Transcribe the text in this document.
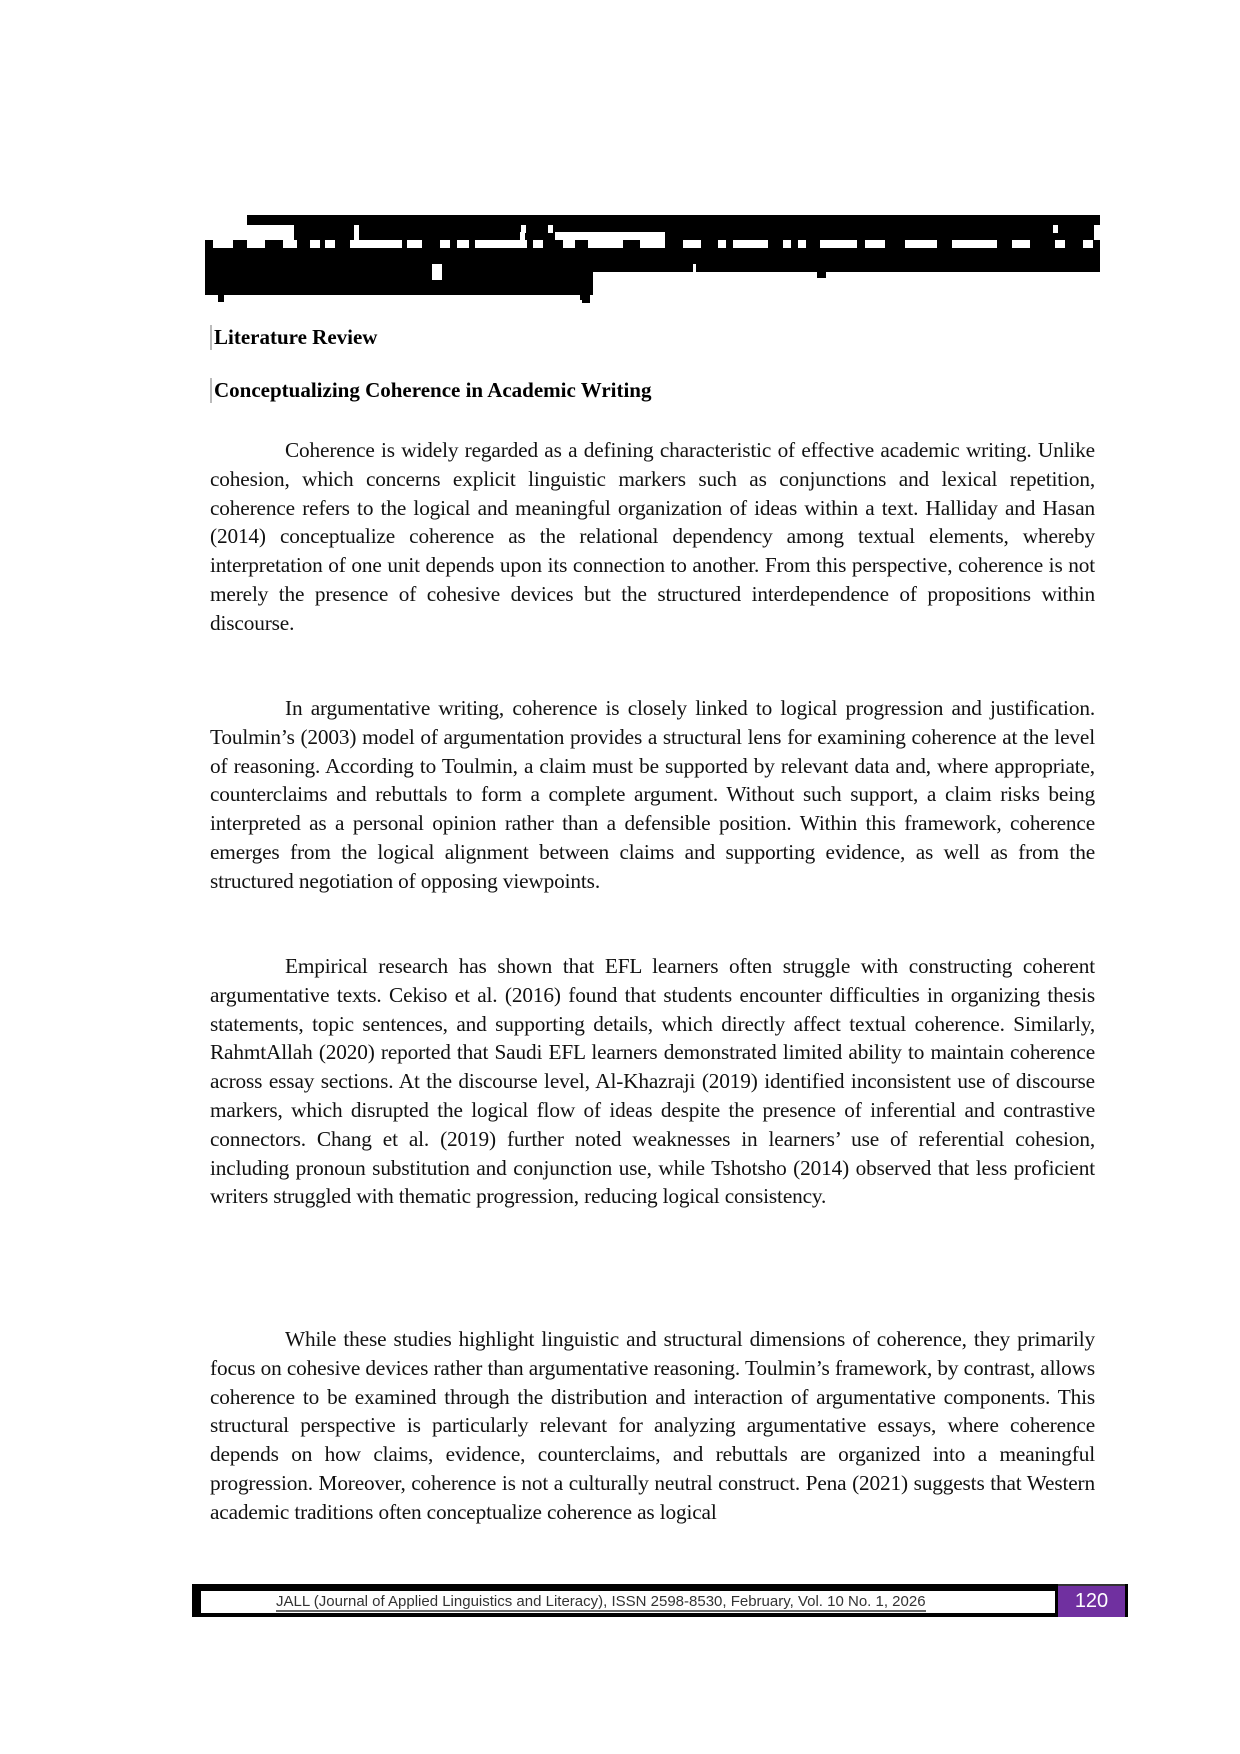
Literature Review
Conceptualizing Coherence in Academic Writing

Coherence is widely regarded as a defining characteristic of effective academic writing. Unlike cohesion, which concerns explicit linguistic markers such as conjunctions and lexical repetition, coherence refers to the logical and meaningful organization of ideas within a text. Halliday and Hasan (2014) conceptualize coherence as the relational dependency among textual elements, whereby interpretation of one unit depends upon its connection to another. From this perspective, coherence is not merely the presence of cohesive devices but the structured interdependence of propositions within discourse.

In argumentative writing, coherence is closely linked to logical progression and justification. Toulmin’s (2003) model of argumentation provides a structural lens for examining coherence at the level of reasoning. According to Toulmin, a claim must be supported by relevant data and, where appropriate, counterclaims and rebuttals to form a complete argument. Without such support, a claim risks being interpreted as a personal opinion rather than a defensible position. Within this framework, coherence emerges from the logical alignment between claims and supporting evidence, as well as from the structured negotiation of opposing viewpoints.

Empirical research has shown that EFL learners often struggle with constructing coherent argumentative texts. Cekiso et al. (2016) found that students encounter difficulties in organizing thesis statements, topic sentences, and supporting details, which directly affect textual coherence. Similarly, RahmtAllah (2020) reported that Saudi EFL learners demonstrated limited ability to maintain coherence across essay sections. At the discourse level, Al-Khazraji (2019) identified inconsistent use of discourse markers, which disrupted the logical flow of ideas despite the presence of inferential and contrastive connectors. Chang et al. (2019) further noted weaknesses in learners’ use of referential cohesion, including pronoun substitution and conjunction use, while Tshotsho (2014) observed that less proficient writers struggled with thematic progression, reducing logical consistency.

While these studies highlight linguistic and structural dimensions of coherence, they primarily focus on cohesive devices rather than argumentative reasoning. Toulmin’s framework, by contrast, allows coherence to be examined through the distribution and interaction of argumentative components. This structural perspective is particularly relevant for analyzing argumentative essays, where coherence depends on how claims, evidence, counterclaims, and rebuttals are organized into a meaningful progression. Moreover, coherence is not a culturally neutral construct. Pena (2021) suggests that Western academic traditions often conceptualize coherence as logical

JALL (Journal of Applied Linguistics and Literacy), ISSN 2598-8530, February, Vol. 10 No. 1, 2026	120
